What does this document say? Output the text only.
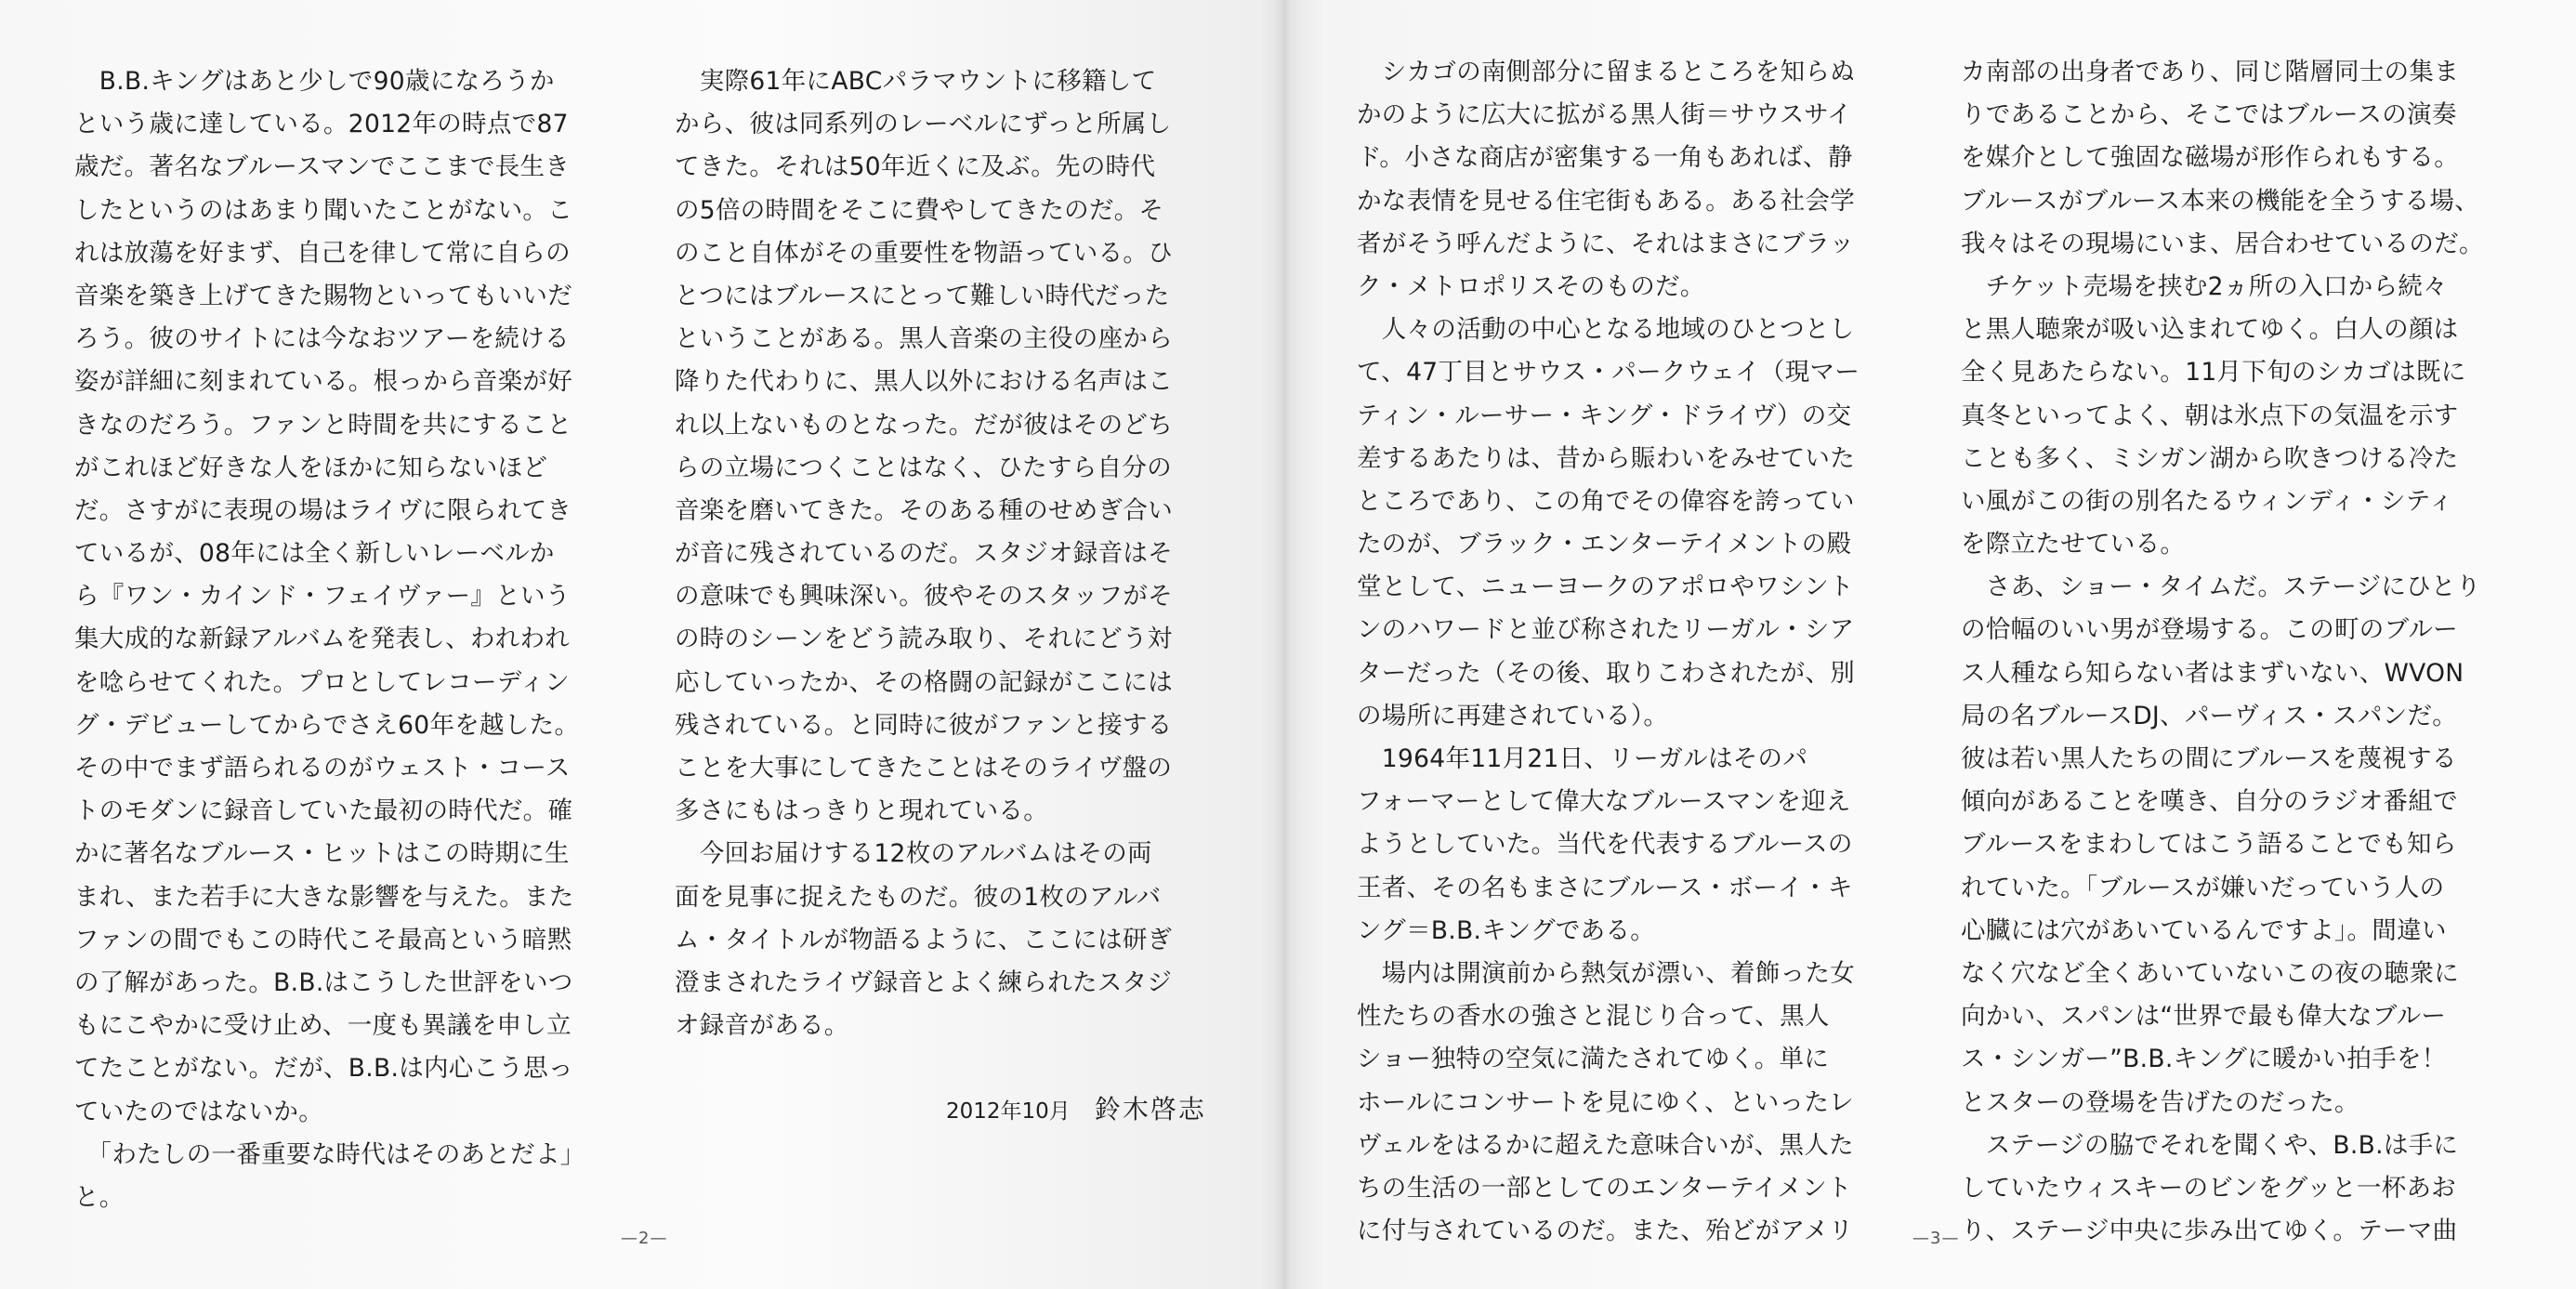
　B.B.キングはあと少しで90歳になろうか
という歳に達している。2012年の時点で87
歳だ。著名なブルースマンでここまで長生き
したというのはあまり聞いたことがない。こ
れは放蕩を好まず、自己を律して常に自らの
音楽を築き上げてきた賜物といってもいいだ
ろう。彼のサイトには今なおツアーを続ける
姿が詳細に刻まれている。根っから音楽が好
きなのだろう。ファンと時間を共にすること
がこれほど好きな人をほかに知らないほど
だ。さすがに表現の場はライヴに限られてき
ているが、08年には全く新しいレーベルか
ら『ワン・カインド・フェイヴァー』という
集大成的な新録アルバムを発表し、われわれ
を唸らせてくれた。プロとしてレコーディン
グ・デビューしてからでさえ60年を越した。
その中でまず語られるのがウェスト・コース
トのモダンに録音していた最初の時代だ。確
かに著名なブルース・ヒットはこの時期に生
まれ、また若手に大きな影響を与えた。また
ファンの間でもこの時代こそ最高という暗黙
の了解があった。B.B.はこうした世評をいつ
もにこやかに受け止め、一度も異議を申し立
てたことがない。だが、B.B.は内心こう思っ
ていたのではないか。
　「わたしの一番重要な時代はそのあとだよ」
と。
　実際61年にABCパラマウントに移籍して
から、彼は同系列のレーベルにずっと所属し
てきた。それは50年近くに及ぶ。先の時代
の5倍の時間をそこに費やしてきたのだ。そ
のこと自体がその重要性を物語っている。ひ
とつにはブルースにとって難しい時代だった
ということがある。黒人音楽の主役の座から
降りた代わりに、黒人以外における名声はこ
れ以上ないものとなった。だが彼はそのどち
らの立場につくことはなく、ひたすら自分の
音楽を磨いてきた。そのある種のせめぎ合い
が音に残されているのだ。スタジオ録音はそ
の意味でも興味深い。彼やそのスタッフがそ
の時のシーンをどう読み取り、それにどう対
応していったか、その格闘の記録がここには
残されている。と同時に彼がファンと接する
ことを大事にしてきたことはそのライヴ盤の
多さにもはっきりと現れている。
　今回お届けする12枚のアルバムはその両
面を見事に捉えたものだ。彼の1枚のアルバ
ム・タイトルが物語るように、ここには研ぎ
澄まされたライヴ録音とよく練られたスタジ
オ録音がある。
2012年10月 鈴木啓志
—2—
　シカゴの南側部分に留まるところを知らぬ
かのように広大に拡がる黒人街＝サウスサイ
ド。小さな商店が密集する一角もあれば、静
かな表情を見せる住宅街もある。ある社会学
者がそう呼んだように、それはまさにブラッ
ク・メトロポリスそのものだ。
　人々の活動の中心となる地域のひとつとし
て、47丁目とサウス・パークウェイ（現マー
ティン・ルーサー・キング・ドライヴ）の交
差するあたりは、昔から賑わいをみせていた
ところであり、この角でその偉容を誇ってい
たのが、ブラック・エンターテイメントの殿
堂として、ニューヨークのアポロやワシント
ンのハワードと並び称されたリーガル・シア
ターだった（その後、取りこわされたが、別
の場所に再建されている）。
　1964年11月21日、リーガルはそのパ
フォーマーとして偉大なブルースマンを迎え
ようとしていた。当代を代表するブルースの
王者、その名もまさにブルース・ボーイ・キ
ング＝B.B.キングである。
　場内は開演前から熱気が漂い、着飾った女
性たちの香水の強さと混じり合って、黒人
ショー独特の空気に満たされてゆく。単に
ホールにコンサートを見にゆく、といったレ
ヴェルをはるかに超えた意味合いが、黒人た
ちの生活の一部としてのエンターテイメント
に付与されているのだ。また、殆どがアメリ
カ南部の出身者であり、同じ階層同士の集ま
りであることから、そこではブルースの演奏
を媒介として強固な磁場が形作られもする。
ブルースがブルース本来の機能を全うする場、
我々はその現場にいま、居合わせているのだ。
　チケット売場を挟む2ヵ所の入口から続々
と黒人聴衆が吸い込まれてゆく。白人の顔は
全く見あたらない。11月下旬のシカゴは既に
真冬といってよく、朝は氷点下の気温を示す
ことも多く、ミシガン湖から吹きつける冷た
い風がこの街の別名たるウィンディ・シティ
を際立たせている。
　さあ、ショー・タイムだ。ステージにひとり
の恰幅のいい男が登場する。この町のブルー
ス人種なら知らない者はまずいない、WVON
局の名ブルースDJ、パーヴィス・スパンだ。
彼は若い黒人たちの間にブルースを蔑視する
傾向があることを嘆き、自分のラジオ番組で
ブルースをまわしてはこう語ることでも知ら
れていた。「ブルースが嫌いだっていう人の
心臓には穴があいているんですよ」。間違い
なく穴など全くあいていないこの夜の聴衆に
向かい、スパンは“世界で最も偉大なブルー
ス・シンガー”B.B.キングに暖かい拍手を！
とスターの登場を告げたのだった。
　ステージの脇でそれを聞くや、B.B.は手に
していたウィスキーのビンをグッと一杯あお
り、ステージ中央に歩み出てゆく。テーマ曲
—3—
